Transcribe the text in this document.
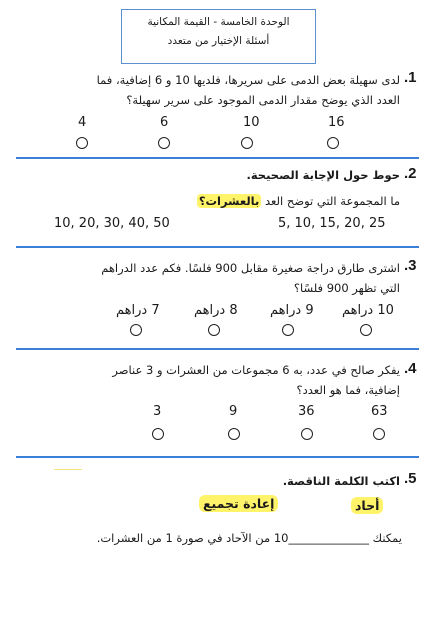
الوحدة الخامسة - القيمة المكانية
أسئلة الإختيار من متعدد
.1
لدى سهيلة بعض الدمى على سريرها، فلديها 10 و 6 إضافية، فما
العدد الذي يوضح مقدار الدمى الموجود على سرير سهيلة؟
16
10
6
4
.2
حوط حول الإجابة الصحيحة.
ما المجموعة التي توضح العد بالعشرات؟
5, 10, 15, 20, 25
10, 20, 30, 40, 50
.3
اشترى طارق دراجة صغيرة مقابل 900 فلسًا. فكم عدد الدراهم
التي تظهر 900 فلسًا؟
10 دراهم
9 دراهم
8 دراهم
7 دراهم
.4
يفكر صالح في عدد، به 6 مجموعات من العشرات و 3 عناصر
إضافية، فما هو العدد؟
63
36
9
3
.5
اكتب الكلمة الناقصة.
أحاد
إعادة تجميع
يمكنك ______________10 من الآحاد في صورة 1 من العشرات.
